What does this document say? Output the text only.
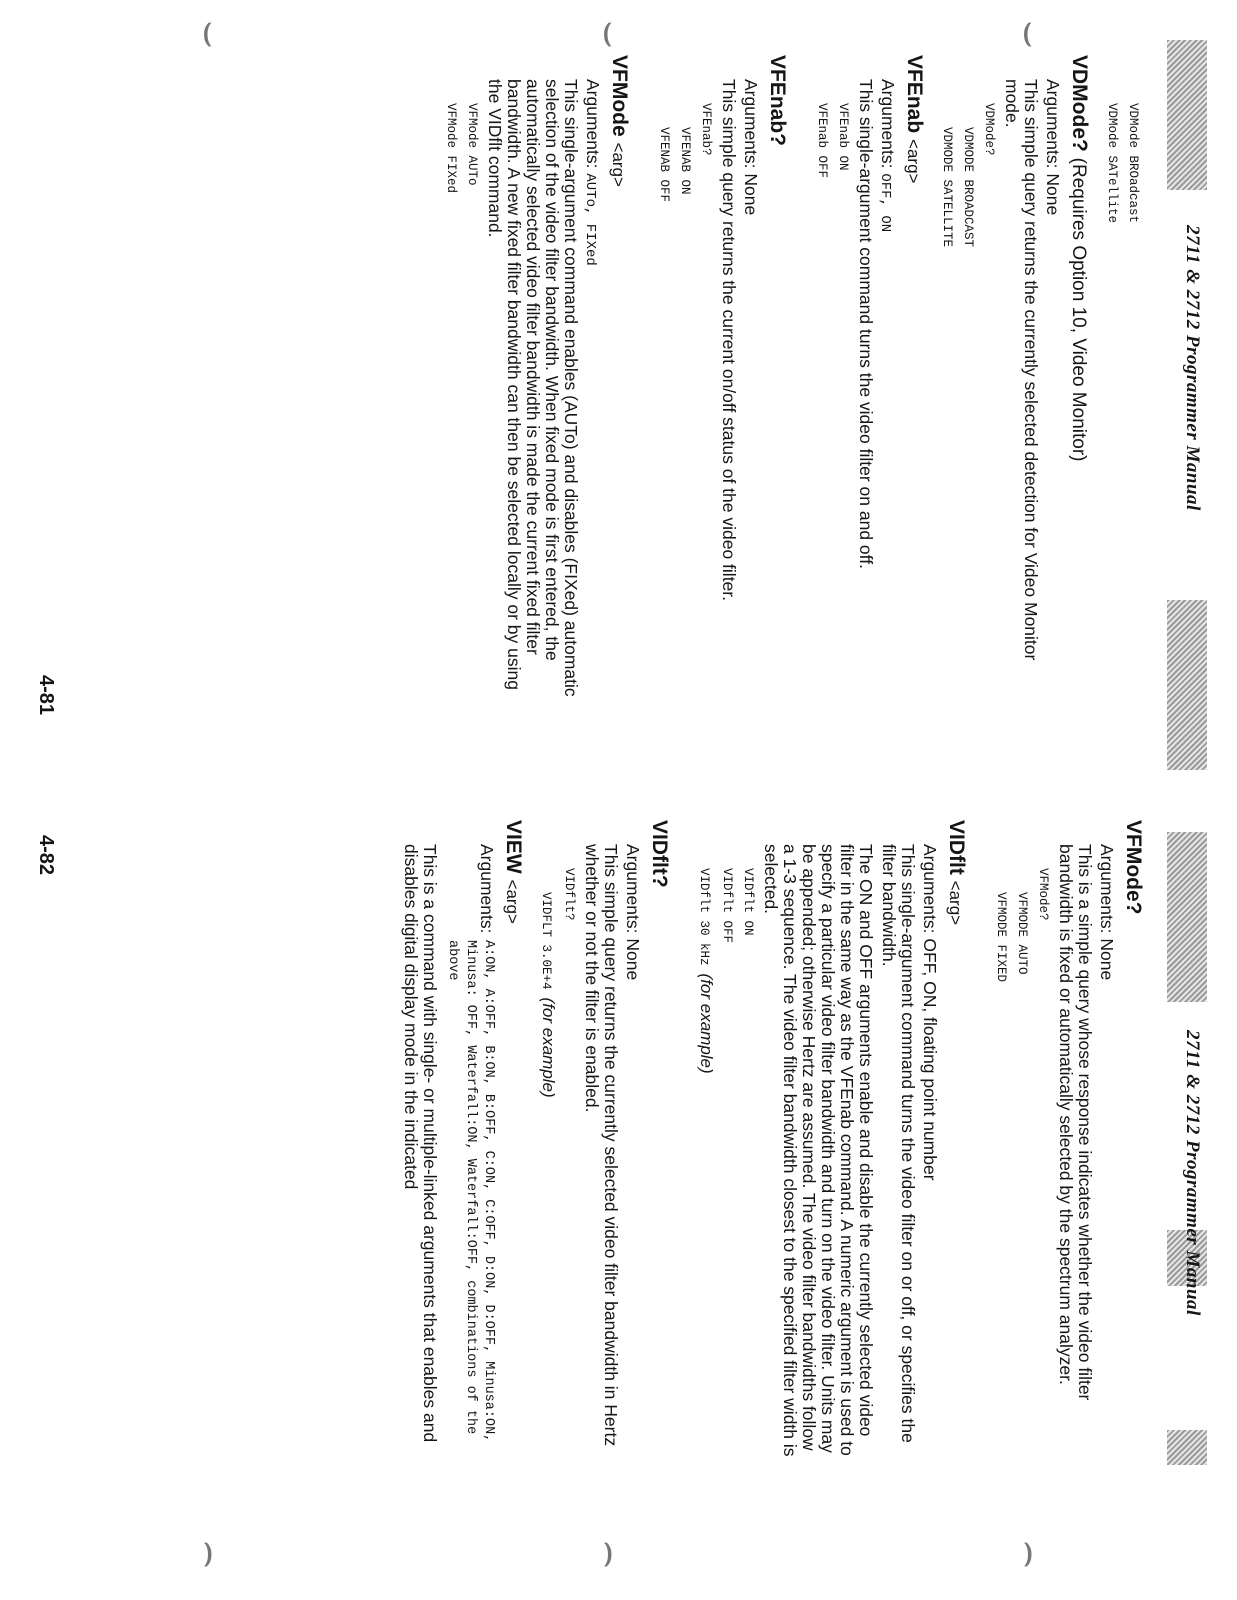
2711 & 2712 Programmer Manual
VFMode?
Arguments: None
This is a simple query whose response indicates whether the video filter bandwidth is fixed or automatically selected by the spectrum analyzer.
VFMode?
VFMODE AUTO
VFMODE FIXED
VIDflt <arg>
Arguments: OFF, ON, floating point number
This single-argument command turns the video filter on or off, or specifies the filter bandwidth.
The ON and OFF arguments enable and disable the currently selected video filter in the same way as the VFEnab command. A numeric argument is used to specify a particular video filter bandwidth and turn on the video filter. Units may be appended; otherwise Hertz are assumed. The video filter bandwidths follow a 1-3 sequence. The video filter bandwidth closest to the specified filter width is selected.
VIDflt ON
VIDflt OFF
VIDflt 30 kHz(for example)
VIDflt?
Arguments: None
This simple query returns the currently selected video filter bandwidth in Hertz whether or not the filter is enabled.
VIDflt?
VIDFLT 3.0E+4(for example)
VIEW <arg>
Arguments:
A:ON, A:OFF, B:ON, B:OFF, C:ON, C:OFF, D:ON, D:OFF, Minusa:ON, Minusa: OFF, Waterfall:ON, Waterfall:OFF, combinations of the above
This is a command with single- or multiple-linked arguments that enables and disables digital display mode in the indicated
4-82
2711 & 2712 Programmer Manual
VDMode BROadcast
VDMode SATellite
VDMode? (Requires Option 10, Video Monitor)
Arguments: None
This simple query returns the currently selected detection for Video Monitor mode.
VDMode?
VDMODE BROADCAST
VDMODE SATELLITE
VFEnab <arg>
Arguments: OFF, ON
This single-argument command turns the video filter on and off.
VFEnab ON
VFEnab OFF
VFEnab?
Arguments: None
This simple query returns the current on/off status of the video filter.
VFEnab?
VFENAB ON
VFENAB OFF
VFMode <arg>
Arguments: AUTo, FIXed
This single-argument command enables (AUTo) and disables (FIXed) automatic selection of the video filter bandwidth. When fixed mode is first entered, the automatically selected video filter bandwidth is made the current fixed filter bandwidth. A new fixed filter bandwidth can then be selected locally or by using the VIDflt command.
VFMode AUTo
VFMode FIXed
4-81
⌣	⌣	⌣
⌢	⌢	⌢
